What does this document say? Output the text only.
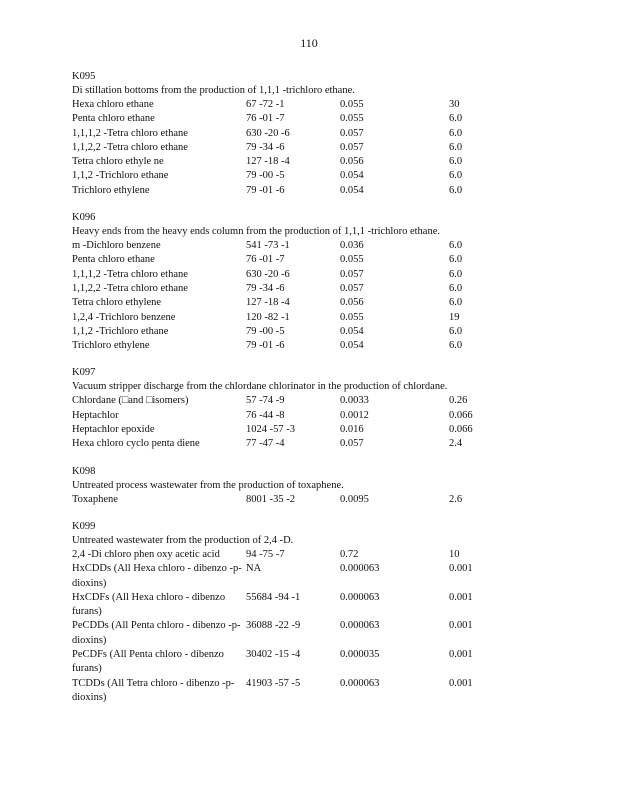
110
K095
Di stillation bottoms from the production of 1,1,1 -trichloro ethane.
Hexa chloro ethane	67 -72 -1	0.055	30
Penta chloro ethane	76 -01 -7	0.055	6.0
1,1,1,2 -Tetra chloro ethane	630 -20 -6	0.057	6.0
1,1,2,2 -Tetra chloro ethane	79 -34 -6	0.057	6.0
Tetra chloro ethyle ne	127 -18 -4	0.056	6.0
1,1,2 -Trichloro ethane	79 -00 -5	0.054	6.0
Trichloro ethylene	79 -01 -6	0.054	6.0
K096
Heavy ends from the heavy ends column from the production of 1,1,1 -trichloro ethane.
m -Dichloro benzene	541 -73 -1	0.036	6.0
Penta chloro ethane	76 -01 -7	0.055	6.0
1,1,1,2 -Tetra chloro ethane	630 -20 -6	0.057	6.0
1,1,2,2 -Tetra chloro ethane	79 -34 -6	0.057	6.0
Tetra chloro ethylene	127 -18 -4	0.056	6.0
1,2,4 -Trichloro benzene	120 -82 -1	0.055	19
1,1,2 -Trichloro ethane	79 -00 -5	0.054	6.0
Trichloro ethylene	79 -01 -6	0.054	6.0
K097
Vacuum stripper discharge from the chlordane chlorinator in the production of chlordane.
Chlordane (□and □isomers)	57 -74 -9	0.0033	0.26
Heptachlor	76 -44 -8	0.0012	0.066
Heptachlor epoxide	1024 -57 -3	0.016	0.066
Hexa chloro cyclo penta diene	77 -47 -4	0.057	2.4
K098
Untreated process wastewater from the production of toxaphene.
Toxaphene	8001 -35 -2	0.0095	2.6
K099
Untreated wastewater from the production of 2,4 -D.
2,4 -Di chloro phen oxy acetic acid	94 -75 -7	0.72	10
HxCDDs (All Hexa chloro - dibenzo -p-dioxins)
NA	0.000063	0.001
HxCDFs (All Hexa chloro - dibenzo furans)
55684 -94 -1	0.000063	0.001
PeCDDs (All Penta chloro - dibenzo -p-dioxins)
36088 -22 -9	0.000063	0.001
PeCDFs (All Penta chloro - dibenzo furans)
30402 -15 -4	0.000035	0.001
TCDDs (All Tetra chloro - dibenzo -p-dioxins)
41903 -57 -5	0.000063	0.001
